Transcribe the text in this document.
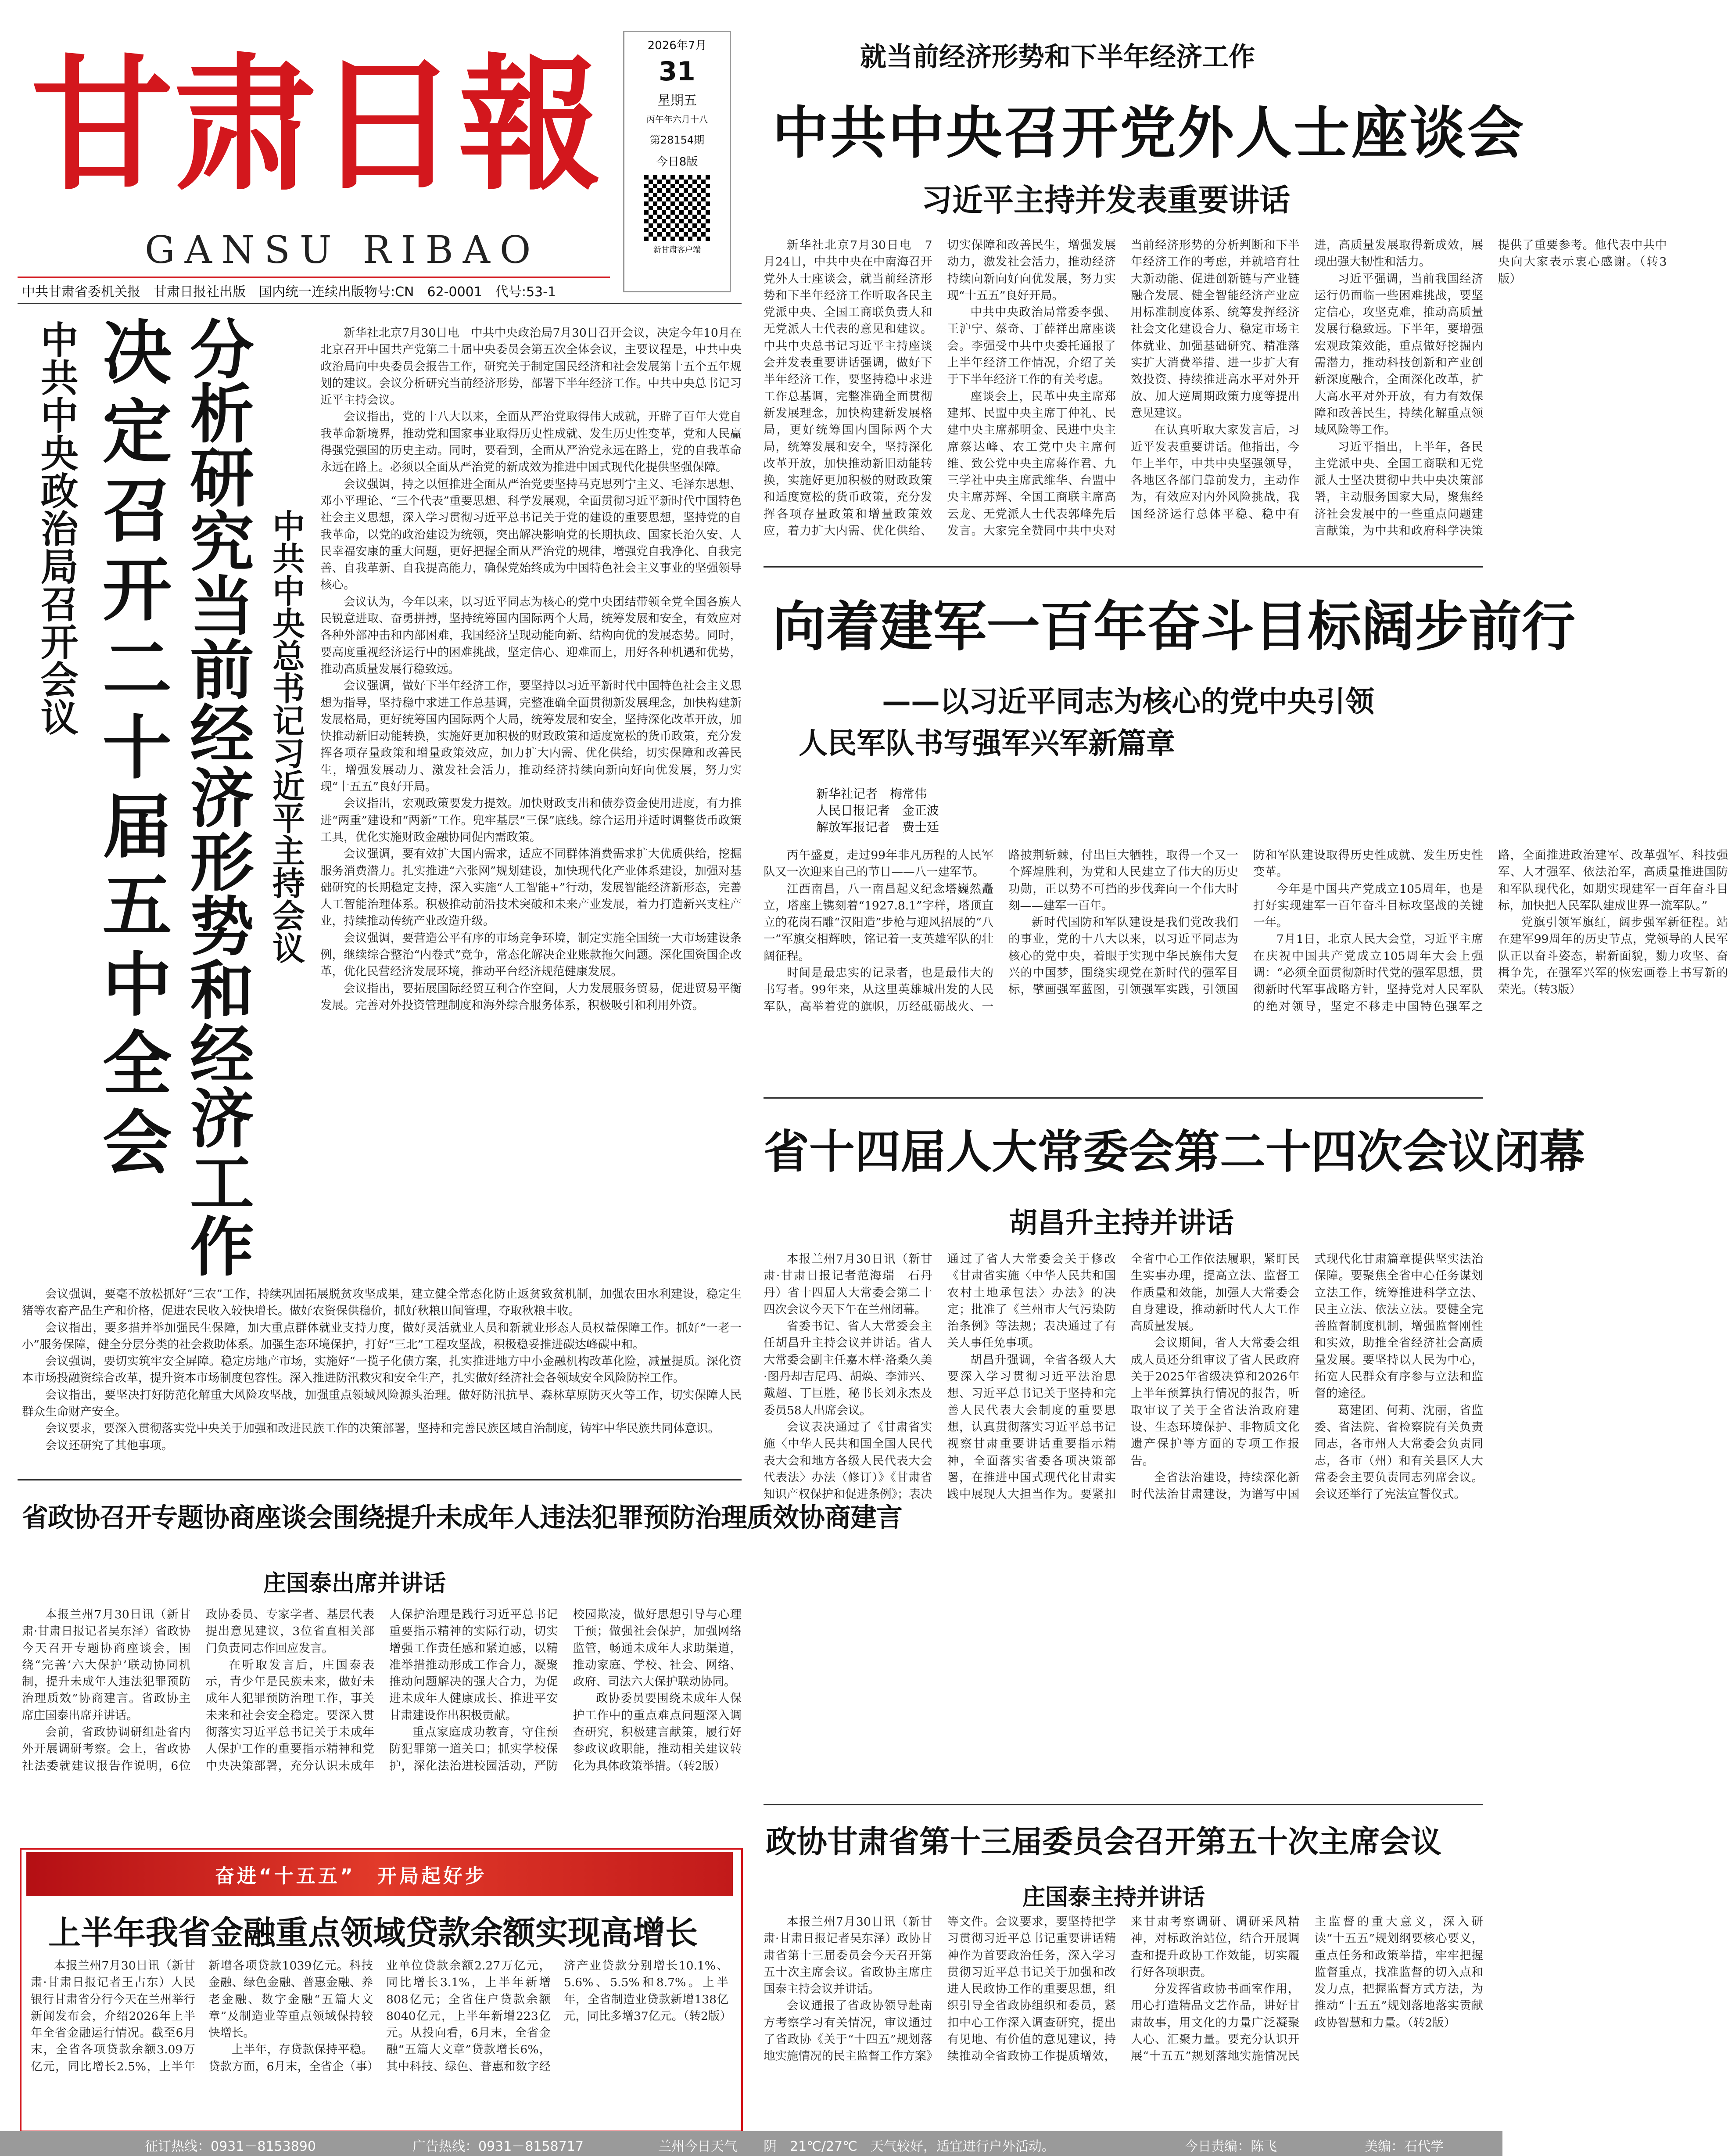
甘肃日報
GANSU RIBAO
中共甘肃省委机关报　甘肃日报社出版　国内统一连续出版物号:CN　62-0001　代号:53-1
2026年7月
31
星期五
丙午年六月十八
第28154期
今日8版
新甘肃客户端
就当前经济形势和下半年经济工作
中共中央召开党外人士座谈会
习近平主持并发表重要讲话

新华社北京7月30日电　7月24日，中共中央在中南海召开党外人士座谈会，就当前经济形势和下半年经济工作听取各民主党派中央、全国工商联负责人和无党派人士代表的意见和建议。中共中央总书记习近平主持座谈会并发表重要讲话强调，做好下半年经济工作，要坚持稳中求进工作总基调，完整准确全面贯彻新发展理念，加快构建新发展格局，更好统筹国内国际两个大局，统筹发展和安全，坚持深化改革开放，加快推动新旧动能转换，实施好更加积极的财政政策和适度宽松的货币政策，充分发挥各项存量政策和增量政策效应，着力扩大内需、优化供给、切实保障和改善民生，增强发展动力，激发社会活力，推动经济持续向新向好向优发展，努力实现“十五五”良好开局。

中共中央政治局常委李强、王沪宁、蔡奇、丁薛祥出席座谈会。李强受中共中央委托通报了上半年经济工作情况，介绍了关于下半年经济工作的有关考虑。

座谈会上，民革中央主席郑建邦、民盟中央主席丁仲礼、民建中央主席郝明金、民进中央主席蔡达峰、农工党中央主席何维、致公党中央主席蒋作君、九三学社中央主席武维华、台盟中央主席苏辉、全国工商联主席高云龙、无党派人士代表郭峰先后发言。大家完全赞同中共中央对当前经济形势的分析判断和下半年经济工作的考虑，并就培育壮大新动能、促进创新链与产业链融合发展、健全智能经济产业应用标准制度体系、统筹发挥经济社会文化建设合力、稳定市场主体就业、加强基础研究、精准落实扩大消费举措、进一步扩大有效投资、持续推进高水平对外开放、加大逆周期政策力度等提出意见建议。

在认真听取大家发言后，习近平发表重要讲话。他指出，今年上半年，中共中央坚强领导，各地区各部门靠前发力，主动作为，有效应对内外风险挑战，我国经济运行总体平稳、稳中有进，高质量发展取得新成效，展现出强大韧性和活力。

习近平强调，当前我国经济运行仍面临一些困难挑战，要坚定信心，攻坚克难，推动高质量发展行稳致远。下半年，要增强宏观政策效能，重点做好挖掘内需潜力，推动科技创新和产业创新深度融合，全面深化改革，扩大高水平对外开放，有力有效保障和改善民生，持续化解重点领域风险等工作。

习近平指出，上半年，各民主党派中央、全国工商联和无党派人士坚决贯彻中共中央决策部署，主动服务国家大局，聚焦经济社会发展中的一些重点问题建言献策，为中共和政府科学决策提供了重要参考。他代表中共中央向大家表示衷心感谢。（转3版）

中共中央政治局召开会议 决定召开二十届五中全会 分析研究当前经济形势和经济工作 中共中央总书记习近平主持会议

新华社北京7月30日电　中共中央政治局7月30日召开会议，决定今年10月在北京召开中国共产党第二十届中央委员会第五次全体会议，主要议程是，中共中央政治局向中央委员会报告工作，研究关于制定国民经济和社会发展第十五个五年规划的建议。会议分析研究当前经济形势，部署下半年经济工作。中共中央总书记习近平主持会议。

会议指出，党的十八大以来，全面从严治党取得伟大成就，开辟了百年大党自我革命新境界，推动党和国家事业取得历史性成就、发生历史性变革，党和人民赢得强党强国的历史主动。同时，要看到，全面从严治党永远在路上，党的自我革命永远在路上。必须以全面从严治党的新成效为推进中国式现代化提供坚强保障。

会议强调，持之以恒推进全面从严治党要坚持马克思列宁主义、毛泽东思想、邓小平理论、“三个代表”重要思想、科学发展观，全面贯彻习近平新时代中国特色社会主义思想，深入学习贯彻习近平总书记关于党的建设的重要思想，坚持党的自我革命，以党的政治建设为统领，突出解决影响党的长期执政、国家长治久安、人民幸福安康的重大问题，更好把握全面从严治党的规律，增强党自我净化、自我完善、自我革新、自我提高能力，确保党始终成为中国特色社会主义事业的坚强领导核心。

会议认为，今年以来，以习近平同志为核心的党中央团结带领全党全国各族人民锐意进取、奋勇拼搏，坚持统筹国内国际两个大局，统筹发展和安全，有效应对各种外部冲击和内部困难，我国经济呈现动能向新、结构向优的发展态势。同时，要高度重视经济运行中的困难挑战，坚定信心、迎难而上，用好各种机遇和优势，推动高质量发展行稳致远。

会议强调，做好下半年经济工作，要坚持以习近平新时代中国特色社会主义思想为指导，坚持稳中求进工作总基调，完整准确全面贯彻新发展理念，加快构建新发展格局，更好统筹国内国际两个大局，统筹发展和安全，坚持深化改革开放，加快推动新旧动能转换，实施好更加积极的财政政策和适度宽松的货币政策，充分发挥各项存量政策和增量政策效应，加力扩大内需、优化供给，切实保障和改善民生，增强发展动力、激发社会活力，推动经济持续向新向好向优发展，努力实现“十五五”良好开局。

会议指出，宏观政策要发力提效。加快财政支出和债券资金使用进度，有力推进“两重”建设和“两新”工作。兜牢基层“三保”底线。综合运用并适时调整货币政策工具，优化实施财政金融协同促内需政策。

会议强调，要有效扩大国内需求，适应不同群体消费需求扩大优质供给，挖掘服务消费潜力。扎实推进“六张网”规划建设，加快现代化产业体系建设，加强对基础研究的长期稳定支持，深入实施“人工智能+”行动，发展智能经济新形态，完善人工智能治理体系。积极推动前沿技术突破和未来产业发展，着力打造新兴支柱产业，持续推动传统产业改造升级。

会议强调，要营造公平有序的市场竞争环境，制定实施全国统一大市场建设条例，继续综合整治“内卷式”竞争，常态化解决企业账款拖欠问题。深化国资国企改革，优化民营经济发展环境，推动平台经济规范健康发展。

会议指出，要拓展国际经贸互利合作空间，大力发展服务贸易，促进贸易平衡发展。完善对外投资管理制度和海外综合服务体系，积极吸引和利用外资。

会议强调，要毫不放松抓好“三农”工作，持续巩固拓展脱贫攻坚成果，建立健全常态化防止返贫致贫机制，加强农田水利建设，稳定生猪等农畜产品生产和价格，促进农民收入较快增长。做好农资保供稳价，抓好秋粮田间管理，夺取秋粮丰收。

会议指出，要多措并举加强民生保障，加大重点群体就业支持力度，做好灵活就业人员和新就业形态人员权益保障工作。抓好“一老一小”服务保障，健全分层分类的社会救助体系。加强生态环境保护，打好“三北”工程攻坚战，积极稳妥推进碳达峰碳中和。

会议强调，要切实筑牢安全屏障。稳定房地产市场，实施好“一揽子化债方案，扎实推进地方中小金融机构改革化险，减量提质。深化资本市场投融资综合改革，提升资本市场制度包容性。深入推进防汛救灾和安全生产，扎实做好经济社会各领域安全风险防控工作。

会议指出，要坚决打好防范化解重大风险攻坚战，加强重点领域风险源头治理。做好防汛抗旱、森林草原防灭火等工作，切实保障人民群众生命财产安全。

会议要求，要深入贯彻落实党中央关于加强和改进民族工作的决策部署，坚持和完善民族区域自治制度，铸牢中华民族共同体意识。

会议还研究了其他事项。

向着建军一百年奋斗目标阔步前行
——以习近平同志为核心的党中央引领
人民军队书写强军兴军新篇章
新华社记者　梅常伟
人民日报记者　金正波
解放军报记者　费士廷

丙午盛夏，走过99年非凡历程的人民军队又一次迎来自己的节日——八一建军节。

江西南昌，八一南昌起义纪念塔巍然矗立，塔座上镌刻着“1927.8.1”字样，塔顶直立的花岗石雕“汉阳造”步枪与迎风招展的“八一”军旗交相辉映，铭记着一支英雄军队的壮阔征程。

时间是最忠实的记录者，也是最伟大的书写者。99年来，从这里英雄城出发的人民军队，高举着党的旗帜，历经砥砺战火、一路披荆斩棘，付出巨大牺牲，取得一个又一个辉煌胜利，为党和人民建立了伟大的历史功勋，正以势不可挡的步伐奔向一个伟大时刻——建军一百年。

新时代国防和军队建设是我们党改我们的事业，党的十八大以来，以习近平同志为核心的党中央，着眼于实现中华民族伟大复兴的中国梦，围绕实现党在新时代的强军目标，擘画强军蓝图，引领强军实践，引领国防和军队建设取得历史性成就、发生历史性变革。

今年是中国共产党成立105周年，也是打好实现建军一百年奋斗目标攻坚战的关键一年。

7月1日，北京人民大会堂，习近平主席在庆祝中国共产党成立105周年大会上强调：“必须全面贯彻新时代党的强军思想，贯彻新时代军事战略方针，坚持党对人民军队的绝对领导，坚定不移走中国特色强军之路，全面推进政治建军、改革强军、科技强军、人才强军、依法治军，高质量推进国防和军队现代化，如期实现建军一百年奋斗目标，加快把人民军队建成世界一流军队。”

党旗引领军旗红，阔步强军新征程。站在建军99周年的历史节点，党领导的人民军队正以奋斗姿态，崭新面貌，勠力攻坚、奋楫争先，在强军兴军的恢宏画卷上书写新的荣光。（转3版）

省十四届人大常委会第二十四次会议闭幕
胡昌升主持并讲话

本报兰州7月30日讯（新甘肃·甘肃日报记者范海瑞　石丹丹）省十四届人大常委会第二十四次会议今天下午在兰州闭幕。

省委书记、省人大常委会主任胡昌升主持会议并讲话。省人大常委会副主任嘉木样·洛桑久美·图丹却吉尼玛、胡焕、李沛兴、戴超、丁巨胜，秘书长刘永杰及委员58人出席会议。

会议表决通过了《甘肃省实施〈中华人民共和国全国人民代表大会和地方各级人民代表大会代表法〉办法（修订）》《甘肃省知识产权保护和促进条例》；表决通过了省人大常委会关于修改《甘肃省实施〈中华人民共和国农村土地承包法〉办法》的决定；批准了《兰州市大气污染防治条例》等法规；表决通过了有关人事任免事项。

胡昌升强调，全省各级人大要深入学习贯彻习近平法治思想、习近平总书记关于坚持和完善人民代表大会制度的重要思想，认真贯彻落实习近平总书记视察甘肃重要讲话重要指示精神，全面落实省委各项决策部署，在推进中国式现代化甘肃实践中展现人大担当作为。要紧扣全省中心工作依法履职，紧盯民生实事办理，提高立法、监督工作质量和效能，加强人大常委会自身建设，推动新时代人大工作高质量发展。

会议期间，省人大常委会组成人员还分组审议了省人民政府关于2025年省级决算和2026年上半年预算执行情况的报告，听取审议了关于全省法治政府建设、生态环境保护、非物质文化遗产保护等方面的专项工作报告。

全省法治建设，持续深化新时代法治甘肃建设，为谱写中国式现代化甘肃篇章提供坚实法治保障。要聚焦全省中心任务谋划立法工作，统筹推进科学立法、民主立法、依法立法。要健全完善监督制度机制，增强监督刚性和实效，助推全省经济社会高质量发展。要坚持以人民为中心，拓宽人民群众有序参与立法和监督的途径。

葛建团、何莉、沈丽，省监委、省法院、省检察院有关负责同志，各市州人大常委会负责同志，各市（州）和有关县区人大常委会主要负责同志列席会议。会议还举行了宪法宣誓仪式。

省政协召开专题协商座谈会围绕提升未成年人违法犯罪预防治理质效协商建言
庄国泰出席并讲话

本报兰州7月30日讯（新甘肃·甘肃日报记者吴东泽）省政协今天召开专题协商座谈会，围绕“完善‘六大保护’联动协同机制，提升未成年人违法犯罪预防治理质效”协商建言。省政协主席庄国泰出席并讲话。

会前，省政协调研组赴省内外开展调研考察。会上，省政协社法委就建议报告作说明，6位政协委员、专家学者、基层代表提出意见建议，3位省直相关部门负责同志作回应发言。

在听取发言后，庄国泰表示，青少年是民族未来，做好未成年人犯罪预防治理工作，事关未来和社会安全稳定。要深入贯彻落实习近平总书记关于未成年人保护工作的重要指示精神和党中央决策部署，充分认识未成年人保护治理是践行习近平总书记重要指示精神的实际行动，切实增强工作责任感和紧迫感，以精准举措推动形成工作合力，凝聚推动问题解决的强大合力，为促进未成年人健康成长、推进平安甘肃建设作出积极贡献。

重点家庭成功教育，守住预防犯罪第一道关口；抓实学校保护，深化法治进校园活动，严防校园欺凌，做好思想引导与心理干预；做强社会保护，加强网络监管，畅通未成年人求助渠道，推动家庭、学校、社会、网络、政府、司法六大保护联动协同。

政协委员要围绕未成年人保护工作中的重点难点问题深入调查研究，积极建言献策，履行好参政议政职能，推动相关建议转化为具体政策举措。（转2版）

奋进“十五五”　开局起好步
上半年我省金融重点领域贷款余额实现高增长

本报兰州7月30日讯（新甘肃·甘肃日报记者王占东）人民银行甘肃省分行今天在兰州举行新闻发布会，介绍2026年上半年全省金融运行情况。截至6月末，全省各项贷款余额3.09万亿元，同比增长2.5%，上半年新增各项贷款1039亿元。科技金融、绿色金融、普惠金融、养老金融、数字金融“五篇大文章”及制造业等重点领域保持较快增长。

上半年，存贷款保持平稳。贷款方面，6月末，全省企（事）业单位贷款余额2.27万亿元，同比增长3.1%，上半年新增808亿元；全省住户贷款余额8040亿元，上半年新增223亿元。从投向看，6月末，全省金融“五篇大文章”贷款增长6%，其中科技、绿色、普惠和数字经济产业贷款分别增长10.1%、5.6%、5.5%和8.7%。上半年，全省制造业贷款新增138亿元，同比多增37亿元。（转2版）

政协甘肃省第十三届委员会召开第五十次主席会议
庄国泰主持并讲话

本报兰州7月30日讯（新甘肃·甘肃日报记者吴东泽）政协甘肃省第十三届委员会今天召开第五十次主席会议。省政协主席庄国泰主持会议并讲话。

会议通报了省政协领导赴南方考察学习有关情况，审议通过了省政协《关于“十四五”规划落地实施情况的民主监督工作方案》等文件。会议要求，要坚持把学习贯彻习近平总书记重要讲话精神作为首要政治任务，深入学习贯彻习近平总书记关于加强和改进人民政协工作的重要思想，组织引导全省政协组织和委员，紧扣中心工作深入调查研究，提出有见地、有价值的意见建议，持续推动全省政协工作提质增效，来甘肃考察调研、调研采风精神，对标政治站位，结合开展调查和提升政协工作效能，切实履行好各项职责。

分发挥省政协书画室作用，用心打造精品文艺作品，讲好甘肃故事，用文化的力量广泛凝聚人心、汇聚力量。要充分认识开展“十五五”规划落地实施情况民主监督的重大意义，深入研读“十五五”规划纲要核心要义，重点任务和政策举措，牢牢把握监督重点，找准监督的切入点和发力点，把握监督方式方法，为推动“十五五”规划落地落实贡献政协智慧和力量。（转2版）

征订热线：0931－8153890	广告热线：0931－8158717	兰州今日天气 阴　21℃/27℃　天气较好，适宜进行户外活动。	今日责编：陈飞	美编：石代学
